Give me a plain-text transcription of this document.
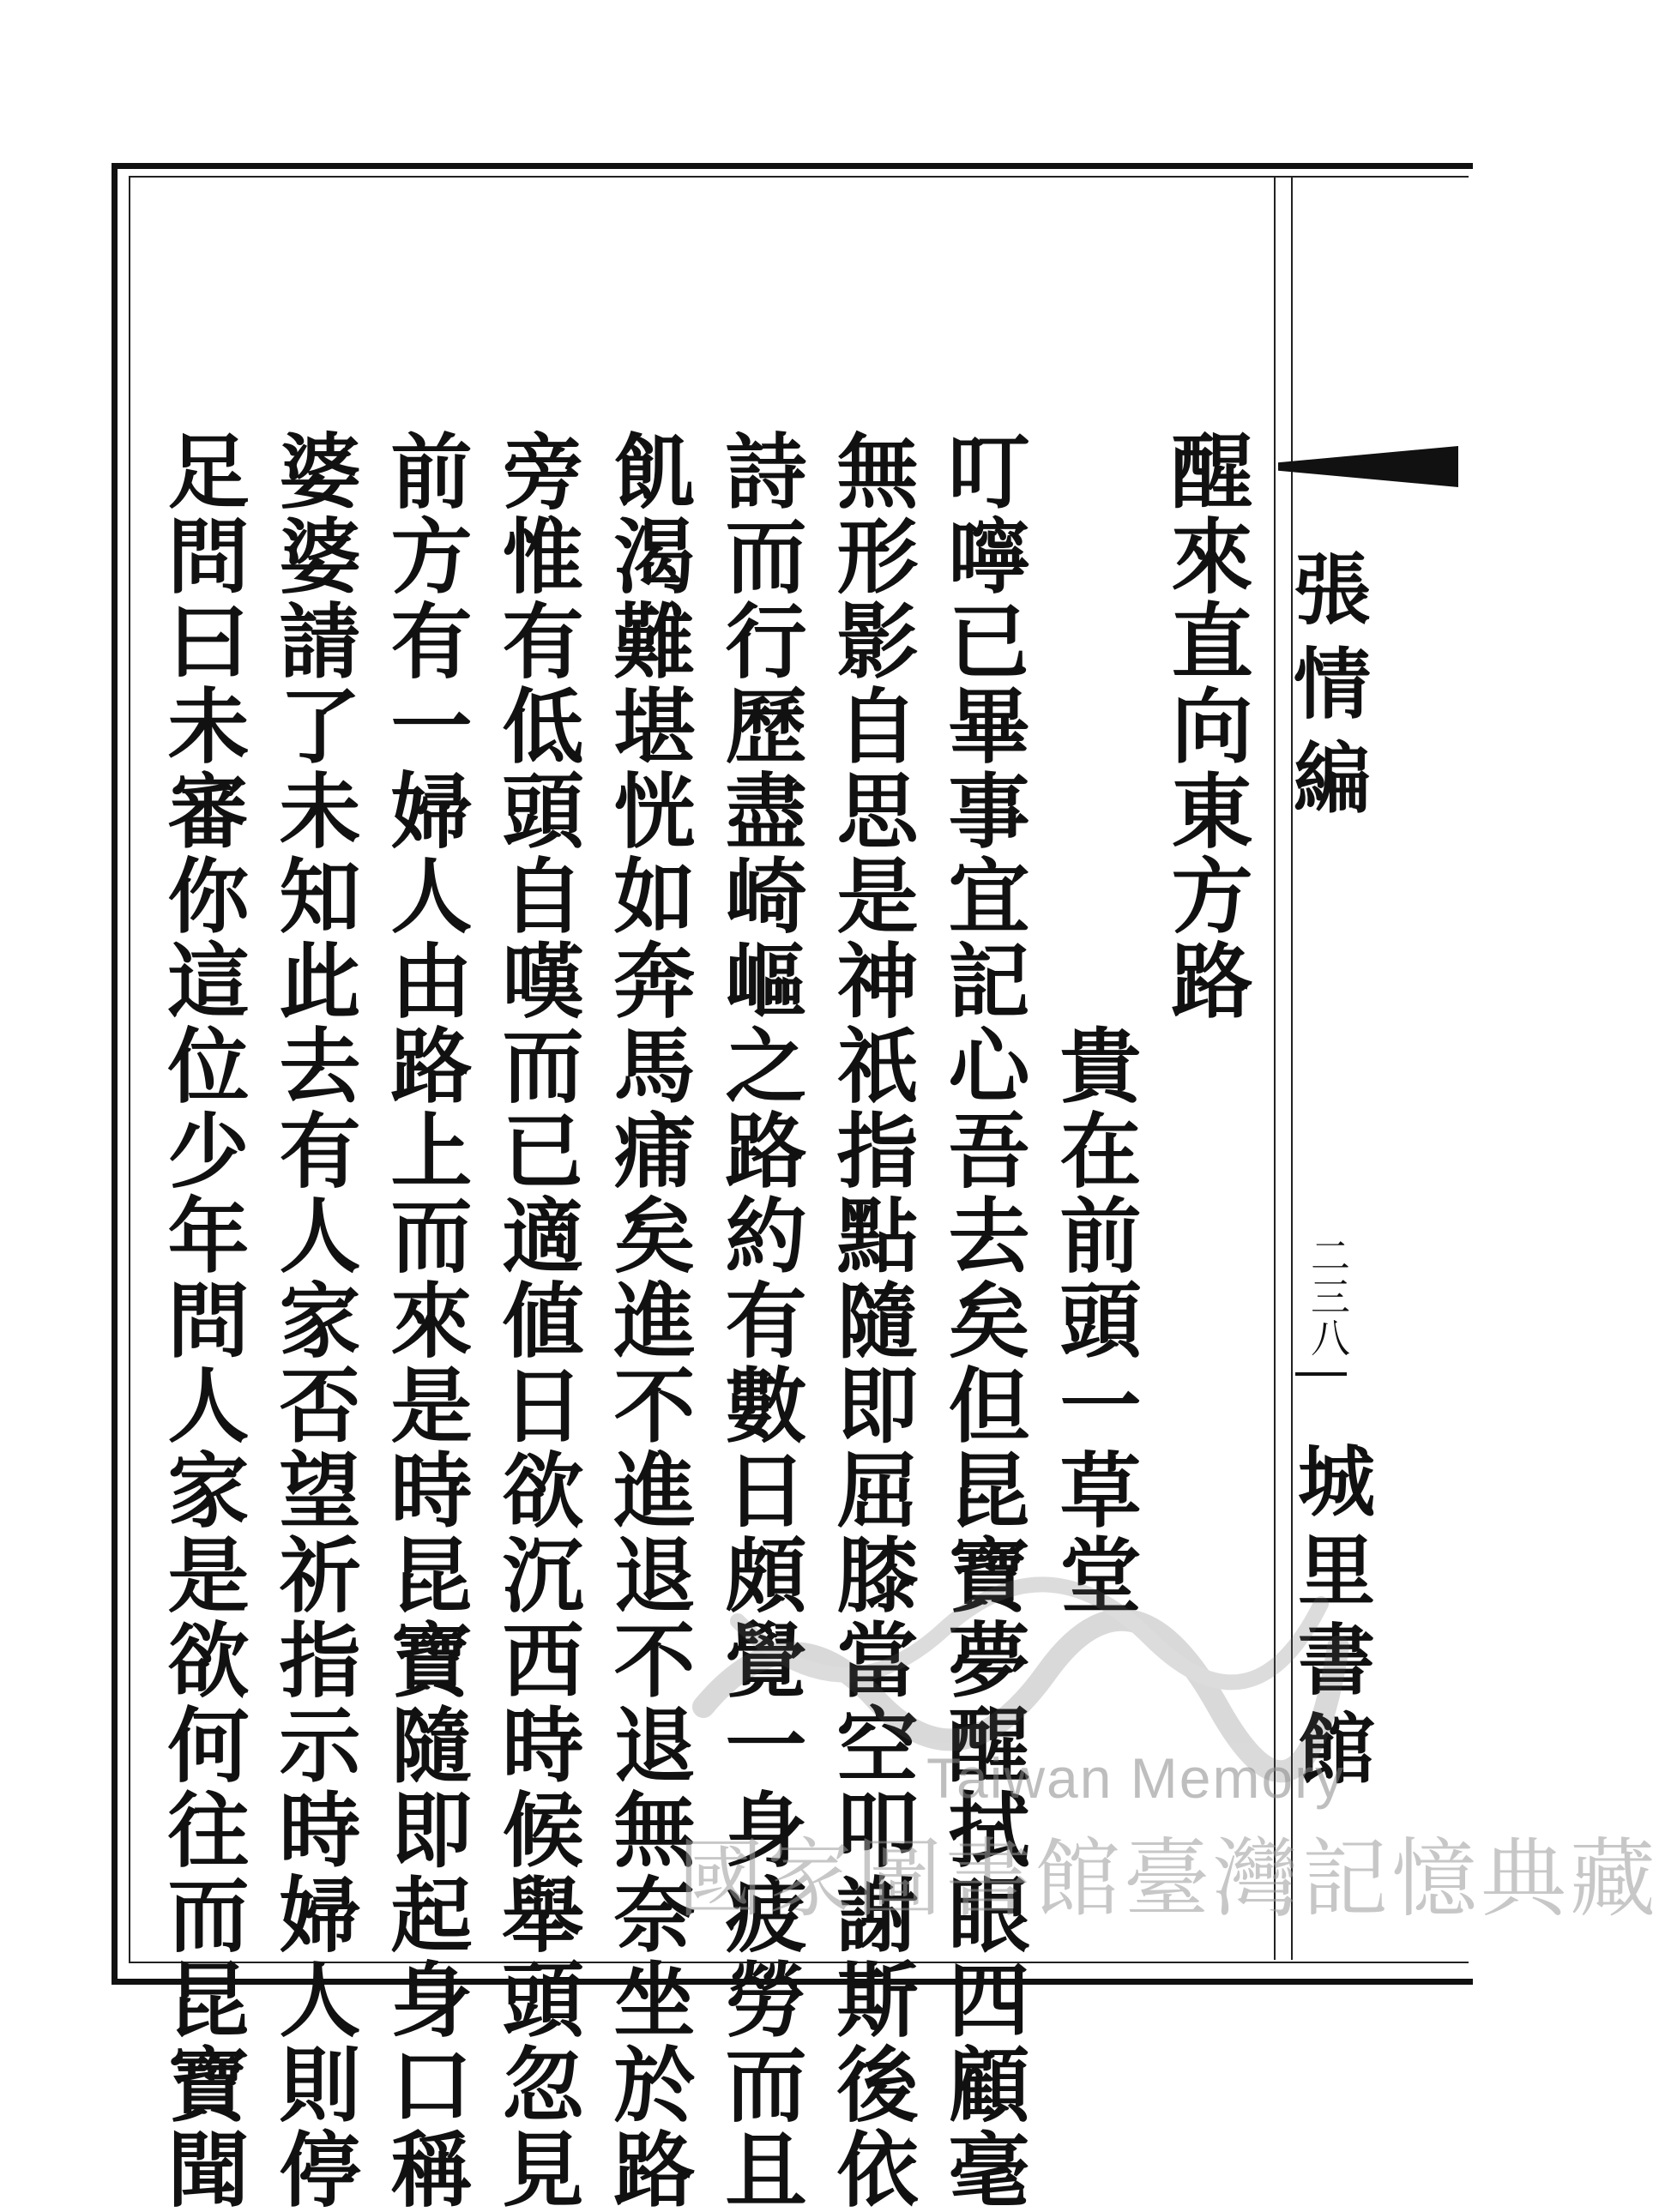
張情編
二三八
城里書館
醒來直向東方路
　　　　　　　貴在前頭一草堂
叮嚀已畢事宜記心吾去矣但昆寶夢醒拭眼四顧毫
無形影自思是神祇指點隨即屈膝當空叩謝斯後依
詩而行歷盡崎嶇之路約有數日頗覺一身疲勞而且
飢渴難堪恍如奔馬痡矣進不進退不退無奈坐於路
旁惟有低頭自嘆而已適値日欲沉西時候舉頭忽見
前方有一婦人由路上而來是時昆寶隨即起身口稱
婆婆請了未知此去有人家否望祈指示時婦人則停
足問曰未審你這位少年問人家是欲何往而昆寶聞	Taiwan Memory
國家圖書館臺灣記憶典藏
